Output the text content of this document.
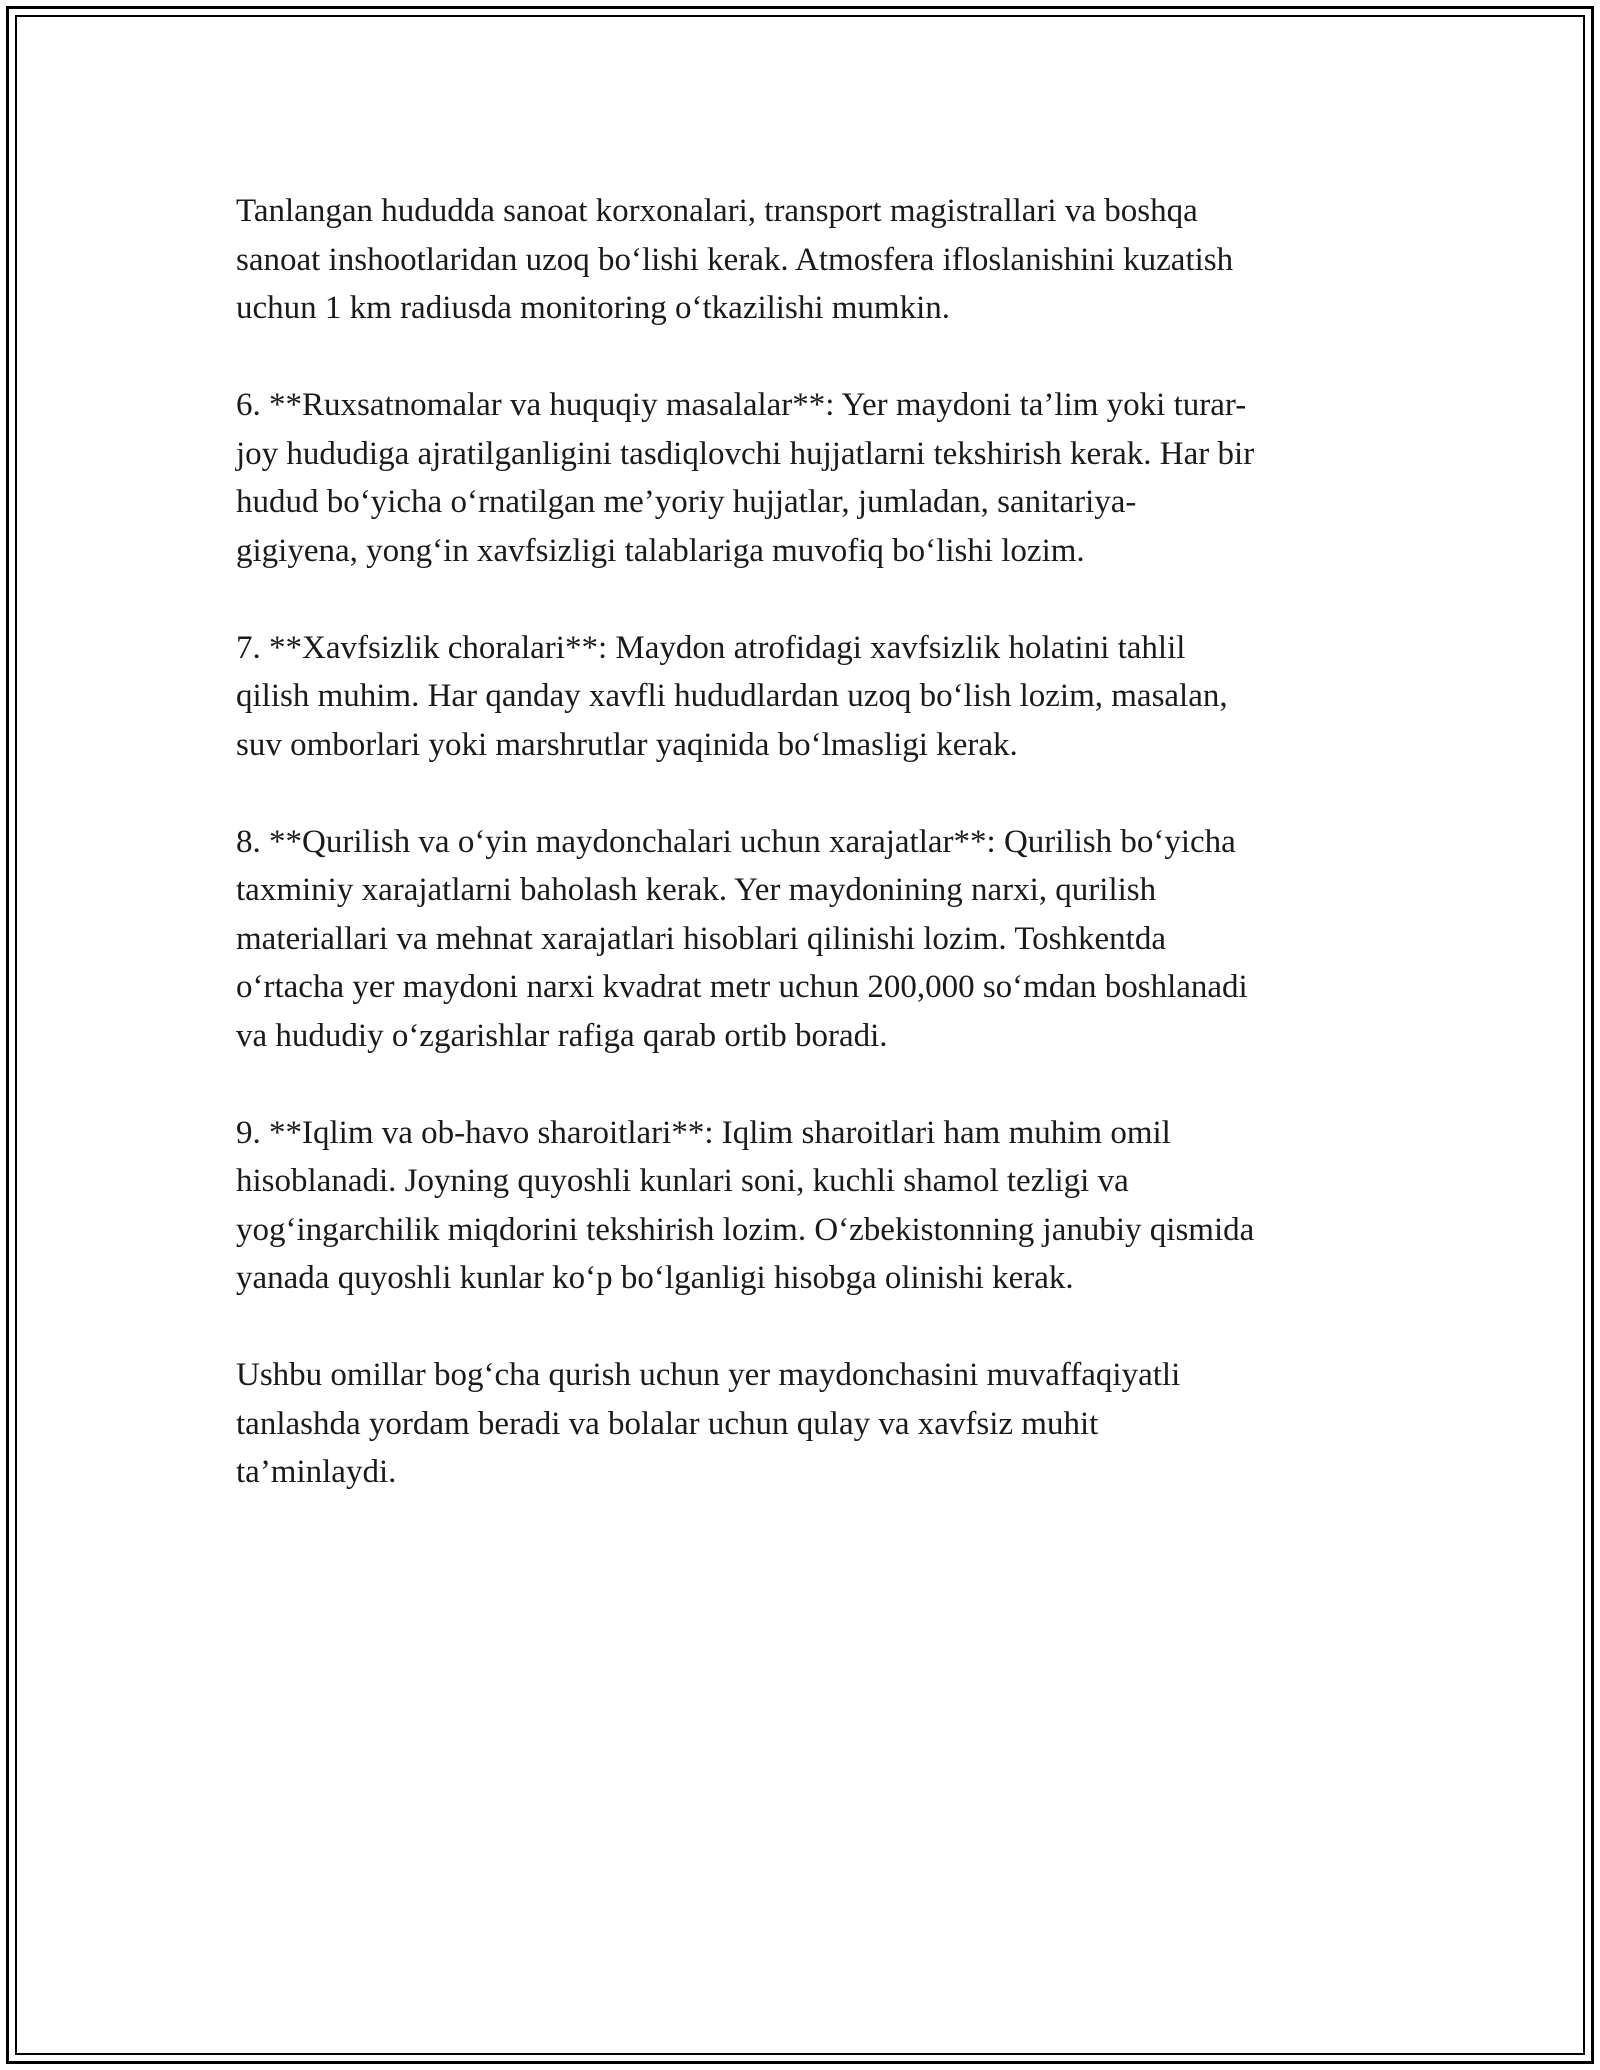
Tanlangan hududda sanoat korxonalari, transport magistrallari va boshqa
sanoat inshootlaridan uzoq bo‘lishi kerak. Atmosfera ifloslanishini kuzatish
uchun 1 km radiusda monitoring o‘tkazilishi mumkin.

6. **Ruxsatnomalar va huquqiy masalalar**: Yer maydoni ta’lim yoki turar-
joy hududiga ajratilganligini tasdiqlovchi hujjatlarni tekshirish kerak. Har bir
hudud bo‘yicha o‘rnatilgan me’yoriy hujjatlar, jumladan, sanitariya-
gigiyena, yong‘in xavfsizligi talablariga muvofiq bo‘lishi lozim.

7. **Xavfsizlik choralari**: Maydon atrofidagi xavfsizlik holatini tahlil
qilish muhim. Har qanday xavfli hududlardan uzoq bo‘lish lozim, masalan,
suv omborlari yoki marshrutlar yaqinida bo‘lmasligi kerak.

8. **Qurilish va o‘yin maydonchalari uchun xarajatlar**: Qurilish bo‘yicha
taxminiy xarajatlarni baholash kerak. Yer maydonining narxi, qurilish
materiallari va mehnat xarajatlari hisoblari qilinishi lozim. Toshkentda
o‘rtacha yer maydoni narxi kvadrat metr uchun 200,000 so‘mdan boshlanadi
va hududiy o‘zgarishlar rafiga qarab ortib boradi.

9. **Iqlim va ob-havo sharoitlari**: Iqlim sharoitlari ham muhim omil
hisoblanadi. Joyning quyoshli kunlari soni, kuchli shamol tezligi va
yog‘ingarchilik miqdorini tekshirish lozim. O‘zbekistonning janubiy qismida
yanada quyoshli kunlar ko‘p bo‘lganligi hisobga olinishi kerak.

Ushbu omillar bog‘cha qurish uchun yer maydonchasini muvaffaqiyatli
tanlashda yordam beradi va bolalar uchun qulay va xavfsiz muhit
ta’minlaydi.
